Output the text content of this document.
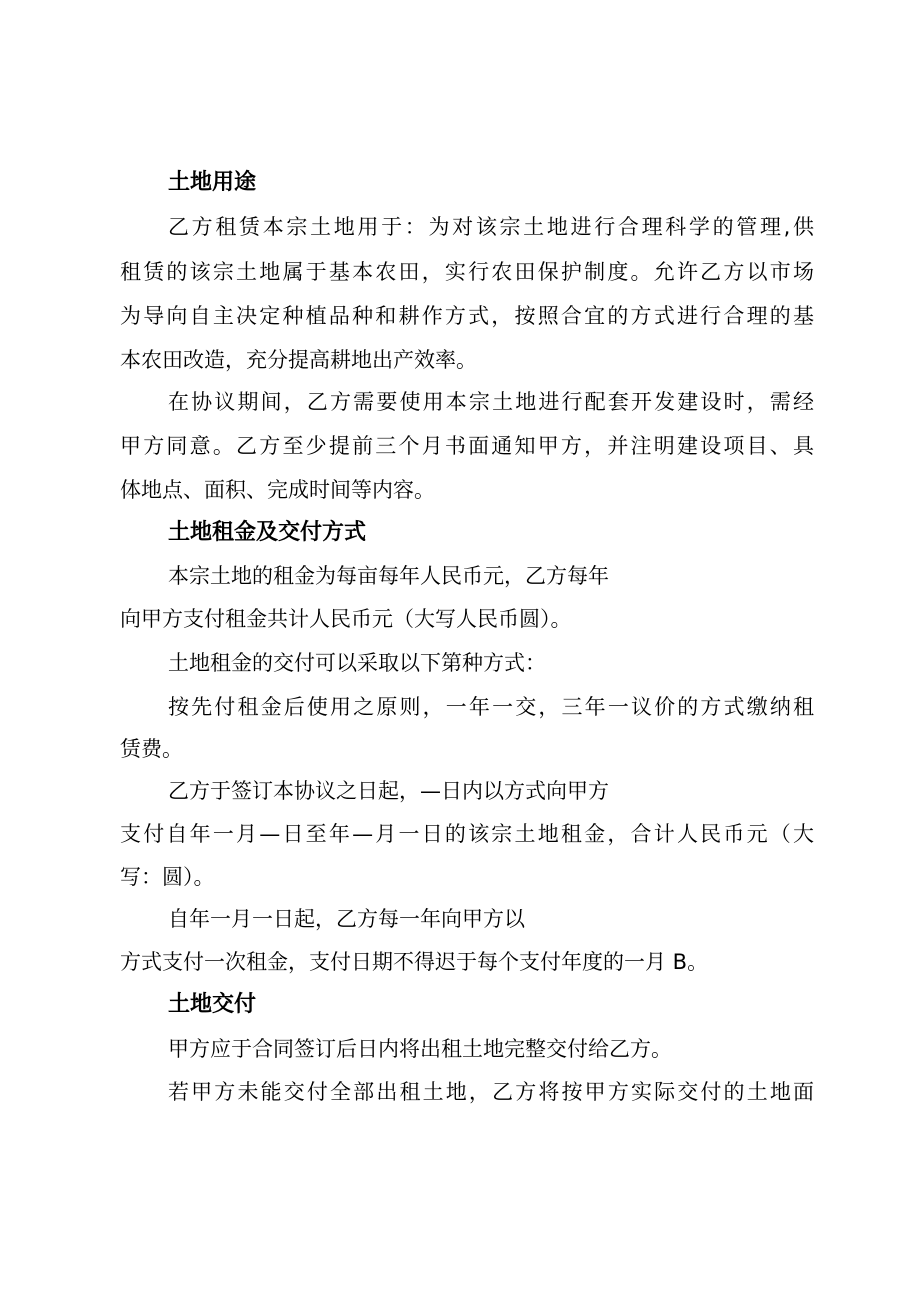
土地用途
乙方租赁本宗土地用于：为对该宗土地进行合理科学的管理,供
租赁的该宗土地属于基本农田，实行农田保护制度。允许乙方以市场
为导向自主决定种植品种和耕作方式，按照合宜的方式进行合理的基
本农田改造，充分提高耕地出产效率。
在协议期间，乙方需要使用本宗土地进行配套开发建设时，需经
甲方同意。乙方至少提前三个月书面通知甲方，并注明建设项目、具
体地点、面积、完成时间等内容。
土地租金及交付方式
本宗土地的租金为每亩每年人民币元，乙方每年
向甲方支付租金共计人民币元（大写人民币圆）。
土地租金的交付可以采取以下第种方式：
按先付租金后使用之原则，一年一交，三年一议价的方式缴纳租
赁费。
乙方于签订本协议之日起，—日内以方式向甲方
支付自年一月—日至年—月一日的该宗土地租金，合计人民币元（大
写：圆）。
自年一月一日起，乙方每一年向甲方以
方式支付一次租金，支付日期不得迟于每个支付年度的一月 B。
土地交付
甲方应于合同签订后日内将出租土地完整交付给乙方。
若甲方未能交付全部出租土地，乙方将按甲方实际交付的土地面
